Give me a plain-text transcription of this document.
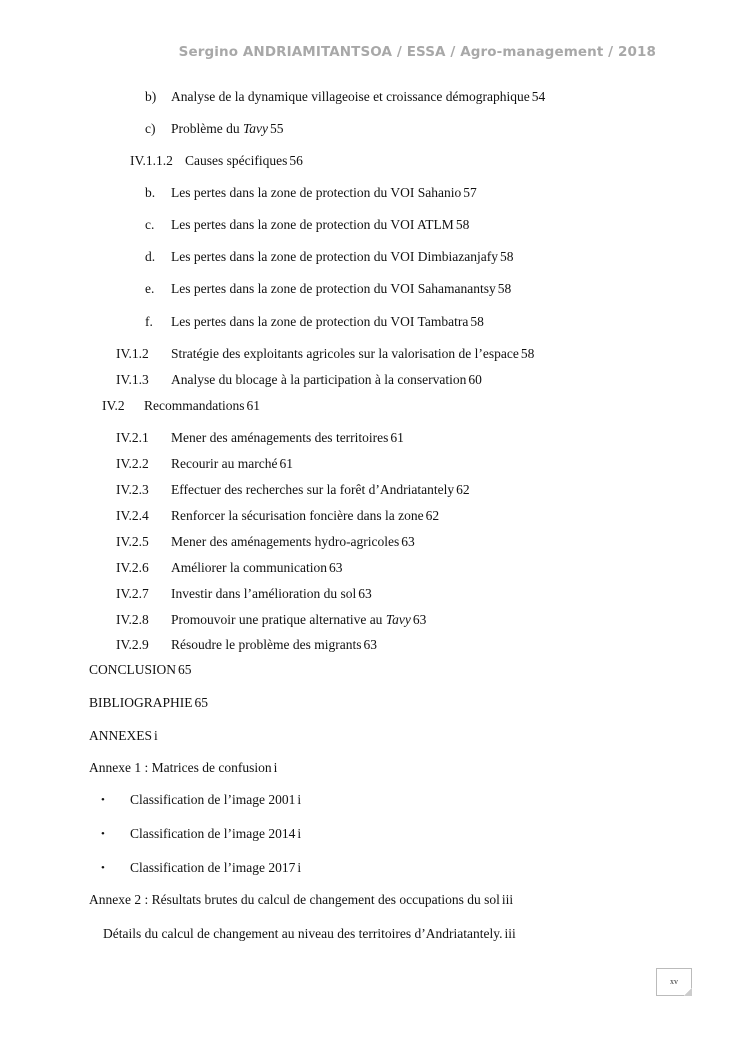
Sergino ANDRIAMITANTSOA / ESSA / Agro-management / 2018
b) Analyse de la dynamique villageoise et croissance démographique 54
c) Problème du Tavy 55
IV.1.1.2 Causes spécifiques 56
b. Les pertes dans la zone de protection du VOI Sahanio 57
c. Les pertes dans la zone de protection du VOI ATLM 58
d. Les pertes dans la zone de protection du VOI Dimbiazanjafy 58
e. Les pertes dans la zone de protection du VOI Sahamanantsy 58
f. Les pertes dans la zone de protection du VOI Tambatra 58
IV.1.2 Stratégie des exploitants agricoles sur la valorisation de l’espace 58
IV.1.3 Analyse du blocage à la participation à la conservation 60
IV.2 Recommandations 61
IV.2.1 Mener des aménagements des territoires 61
IV.2.2 Recourir au marché 61
IV.2.3 Effectuer des recherches sur la forêt d’Andriatantely 62
IV.2.4 Renforcer la sécurisation foncière dans la zone 62
IV.2.5 Mener des aménagements hydro-agricoles 63
IV.2.6 Améliorer la communication 63
IV.2.7 Investir dans l’amélioration du sol 63
IV.2.8 Promouvoir une pratique alternative au Tavy 63
IV.2.9 Résoudre le problème des migrants 63
CONCLUSION 65
BIBLIOGRAPHIE 65
ANNEXES i
Annexe 1 : Matrices de confusion i
• Classification de l’image 2001 i
• Classification de l’image 2014 i
• Classification de l’image 2017 i
Annexe 2 : Résultats brutes du calcul de changement des occupations du sol iii
Détails du calcul de changement au niveau des territoires d’Andriatantely. iii
xv
